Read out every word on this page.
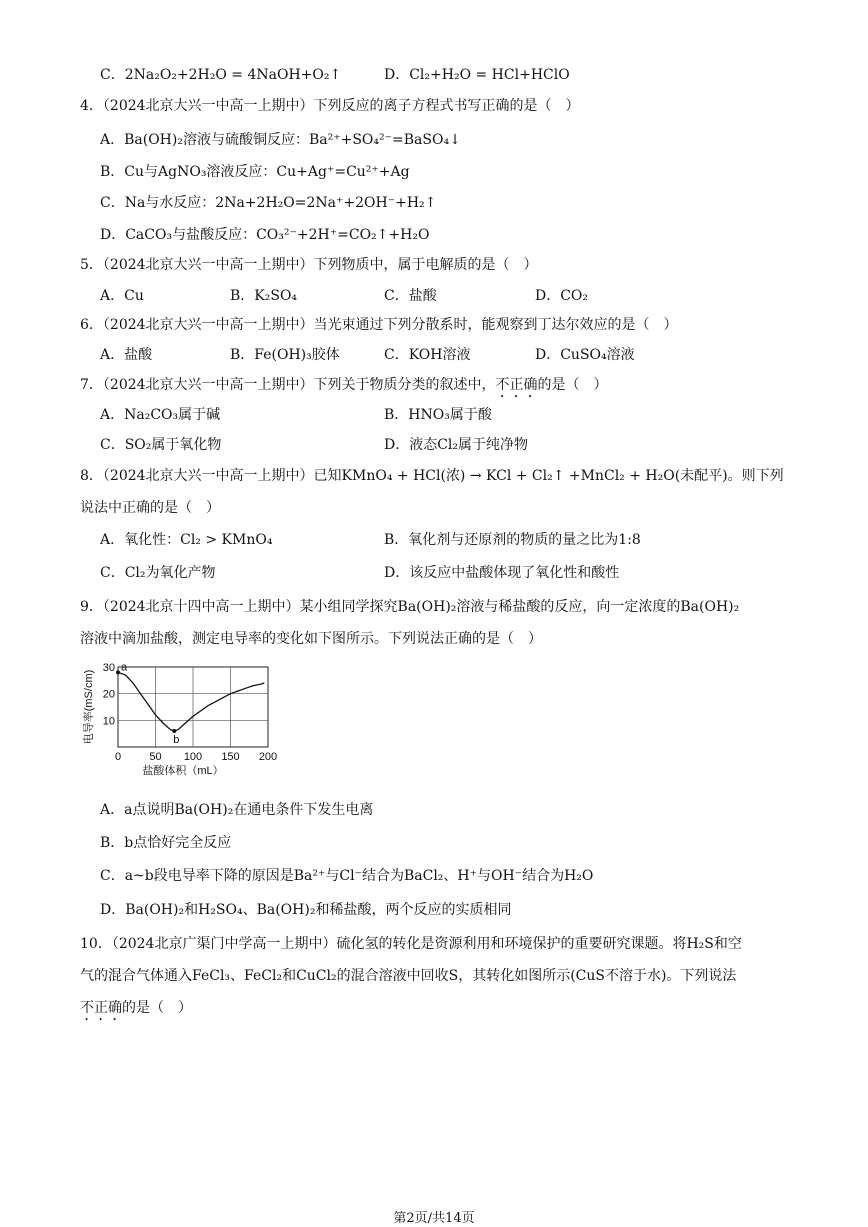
C．2Na₂O₂+2H₂O = 4NaOH+O₂↑	D．Cl₂+H₂O = HCl+HClO
4．（2024北京大兴一中高一上期中）下列反应的离子方程式书写正确的是（　）
A．Ba(OH)₂溶液与硫酸铜反应：Ba²⁺+SO₄²⁻=BaSO₄↓
B．Cu与AgNO₃溶液反应：Cu+Ag⁺=Cu²⁺+Ag
C．Na与水反应：2Na+2H₂O=2Na⁺+2OH⁻+H₂↑
D．CaCO₃与盐酸反应：CO₃²⁻+2H⁺=CO₂↑+H₂O
5．（2024北京大兴一中高一上期中）下列物质中，属于电解质的是（　）
A．Cu	B．K₂SO₄	C．盐酸	D．CO₂
6．（2024北京大兴一中高一上期中）当光束通过下列分散系时，能观察到丁达尔效应的是（　）
A．盐酸	B．Fe(OH)₃胶体	C．KOH溶液	D．CuSO₄溶液
7．（2024北京大兴一中高一上期中）下列关于物质分类的叙述中，不正确的是（　）
A．Na₂CO₃属于碱	B．HNO₃属于酸
C．SO₂属于氧化物	D．液态Cl₂属于纯净物
8．（2024北京大兴一中高一上期中）已知KMnO₄ + HCl(浓) → KCl + Cl₂↑ +MnCl₂ + H₂O(未配平)。则下列
说法中正确的是（　）
A．氧化性：Cl₂ > KMnO₄	B．氧化剂与还原剂的物质的量之比为1:8
C．Cl₂为氧化产物	D．该反应中盐酸体现了氧化性和酸性
9．（2024北京十四中高一上期中）某小组同学探究Ba(OH)₂溶液与稀盐酸的反应，向一定浓度的Ba(OH)₂
溶液中滴加盐酸，测定电导率的变化如下图所示。下列说法正确的是（　）
0	50 100 150 200
10
20
30
盐酸体积（mL）
电导率(mS/cm)
a
b
A．a点说明Ba(OH)₂在通电条件下发生电离
B．b点恰好完全反应
C．a~b段电导率下降的原因是Ba²⁺与Cl⁻结合为BaCl₂、H⁺与OH⁻结合为H₂O
D．Ba(OH)₂和H₂SO₄、Ba(OH)₂和稀盐酸，两个反应的实质相同
10．（2024北京广渠门中学高一上期中）硫化氢的转化是资源利用和环境保护的重要研究课题。将H₂S和空
气的混合气体通入FeCl₃、FeCl₂和CuCl₂的混合溶液中回收S，其转化如图所示(CuS不溶于水)。下列说法
不正确的是（　）
第2页/共14页
